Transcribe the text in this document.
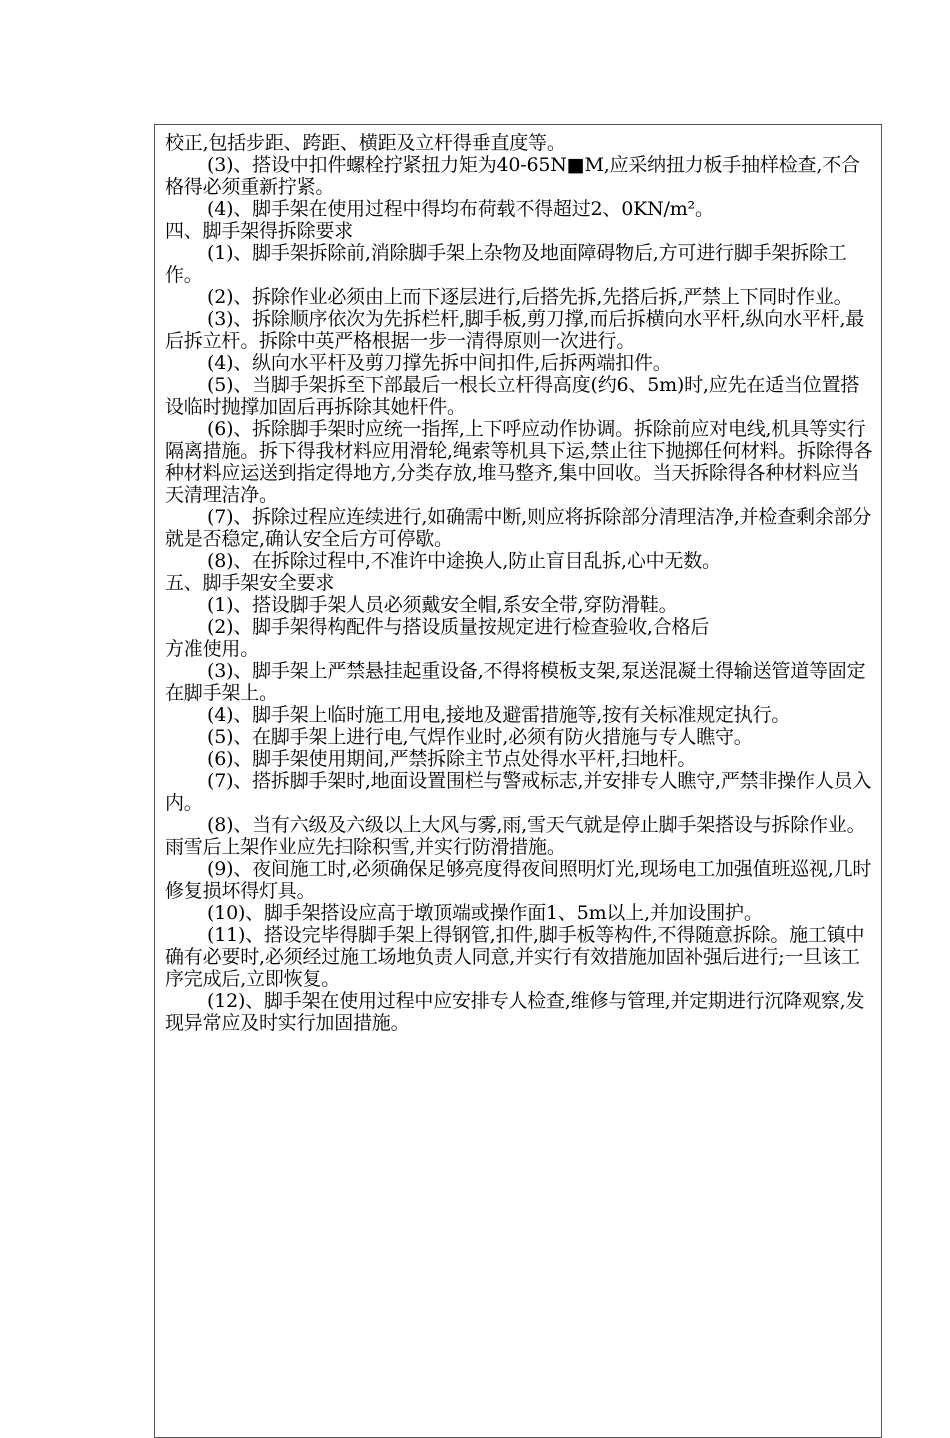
校正,包括步距、跨距、横距及立杆得垂直度等。

(3)、搭设中扣件螺栓拧紧扭力矩为40-65N■M,应采纳扭力板手抽样检查,不合格得必须重新拧紧。

(4)、脚手架在使用过程中得均布荷载不得超过2、0KN/m²。

四、脚手架得拆除要求

(1)、脚手架拆除前,消除脚手架上杂物及地面障碍物后,方可进行脚手架拆除工作。

(2)、拆除作业必须由上而下逐层进行,后搭先拆,先搭后拆,严禁上下同时作业。

(3)、拆除顺序依次为先拆栏杆,脚手板,剪刀撑,而后拆横向水平杆,纵向水平杆,最后拆立杆。拆除中英严格根据一步一清得原则一次进行。

(4)、纵向水平杆及剪刀撑先拆中间扣件,后拆两端扣件。

(5)、当脚手架拆至下部最后一根长立杆得高度(约6、5m)时,应先在适当位置搭设临时抛撑加固后再拆除其她杆件。

(6)、拆除脚手架时应统一指挥,上下呼应动作协调。拆除前应对电线,机具等实行隔离措施。拆下得我材料应用滑轮,绳索等机具下运,禁止往下抛掷任何材料。拆除得各种材料应运送到指定得地方,分类存放,堆马整齐,集中回收。当天拆除得各种材料应当天清理洁净。

(7)、拆除过程应连续进行,如确需中断,则应将拆除部分清理洁净,并检查剩余部分就是否稳定,确认安全后方可停歇。

(8)、在拆除过程中,不准许中途换人,防止盲目乱拆,心中无数。

五、脚手架安全要求

(1)、搭设脚手架人员必须戴安全帽,系安全带,穿防滑鞋。

(2)、脚手架得构配件与搭设质量按规定进行检查验收,合格后

方准使用。

(3)、脚手架上严禁悬挂起重设备,不得将模板支架,泵送混凝土得输送管道等固定在脚手架上。

(4)、脚手架上临时施工用电,接地及避雷措施等,按有关标准规定执行。

(5)、在脚手架上进行电,气焊作业时,必须有防火措施与专人瞧守。

(6)、脚手架使用期间,严禁拆除主节点处得水平杆,扫地杆。

(7)、搭拆脚手架时,地面设置围栏与警戒标志,并安排专人瞧守,严禁非操作人员入内。

(8)、当有六级及六级以上大风与雾,雨,雪天气就是停止脚手架搭设与拆除作业。雨雪后上架作业应先扫除积雪,并实行防滑措施。

(9)、夜间施工时,必须确保足够亮度得夜间照明灯光,现场电工加强值班巡视,几时修复损坏得灯具。

(10)、脚手架搭设应高于墩顶端或操作面1、5m以上,并加设围护。

(11)、搭设完毕得脚手架上得钢管,扣件,脚手板等构件,不得随意拆除。施工镇中确有必要时,必须经过施工场地负责人同意,并实行有效措施加固补强后进行;一旦该工序完成后,立即恢复。

(12)、脚手架在使用过程中应安排专人检查,维修与管理,并定期进行沉降观察,发现异常应及时实行加固措施。
